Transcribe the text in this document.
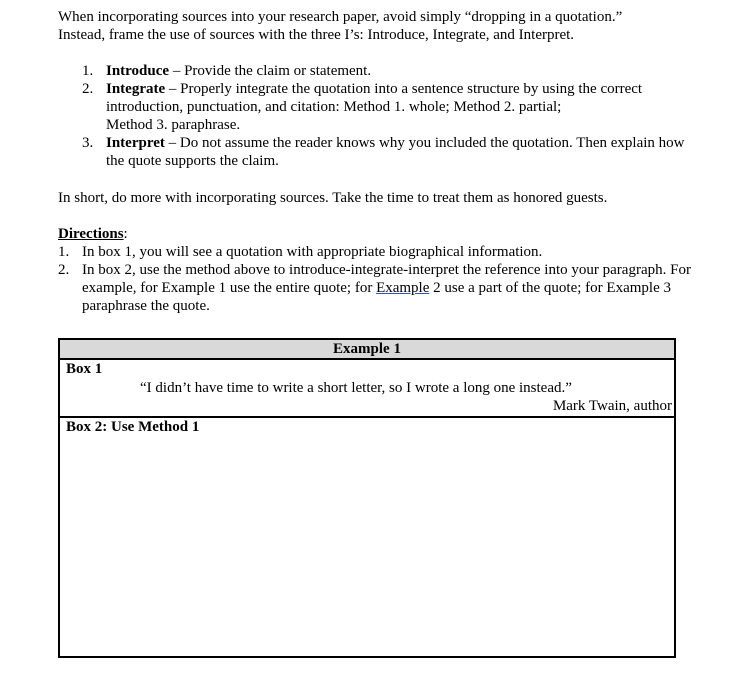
When incorporating sources into your research paper, avoid simply “dropping in a quotation.”
Instead, frame the use of sources with the three I’s: Introduce, Integrate, and Interpret.

1. Introduce – Provide the claim or statement.
2. Integrate – Properly integrate the quotation into a sentence structure by using the correct introduction, punctuation, and citation: Method 1. whole; Method 2. partial;
Method 3. paraphrase.
3. Interpret – Do not assume the reader knows why you included the quotation. Then explain how the quote supports the claim.

In short, do more with incorporating sources. Take the time to treat them as honored guests.

Directions:

1. In box 1, you will see a quotation with appropriate biographical information.
2. In box 2, use the method above to introduce-integrate-interpret the reference into your paragraph. For example, for Example 1 use the entire quote; for Example 2 use a part of the quote; for Example 3 paraphrase the quote.
Example 1

Box 1
“I didn’t have time to write a short letter, so I wrote a long one instead.”
Mark Twain, author

Box 2: Use Method 1
